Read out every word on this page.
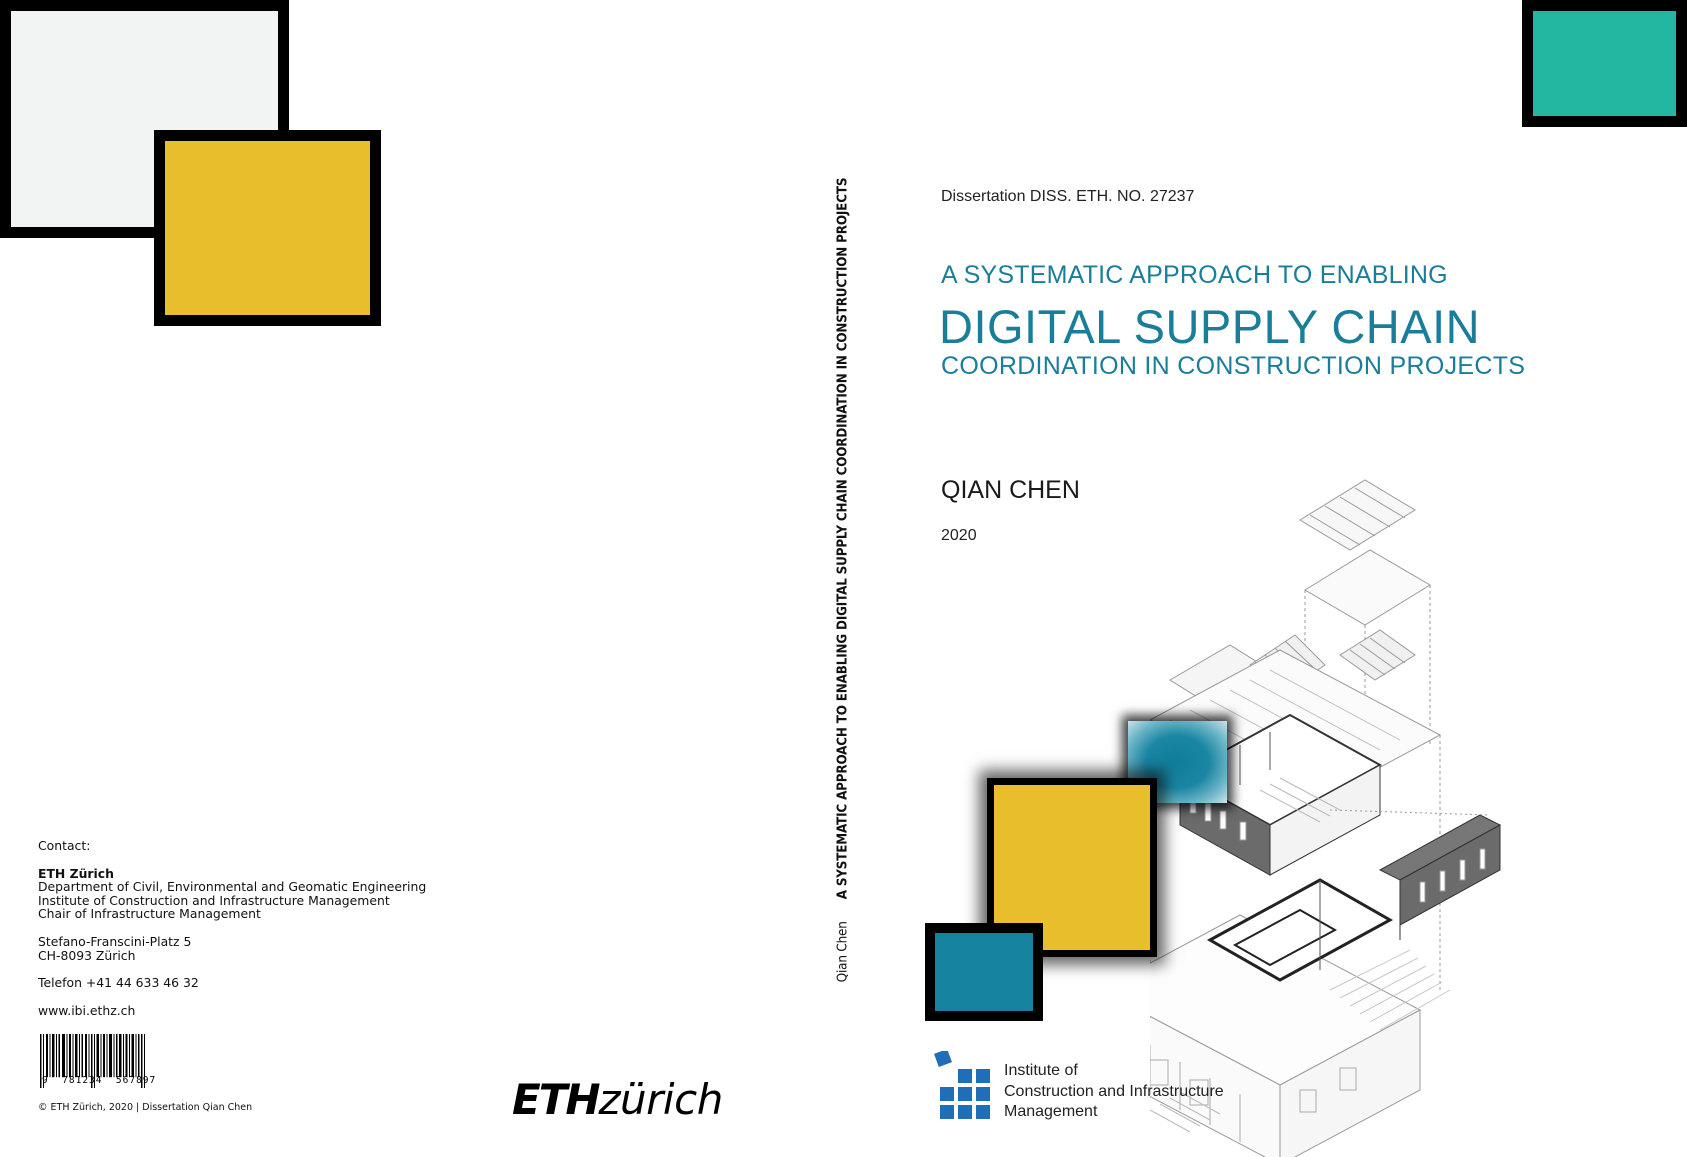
Contact:
ETH Zürich
Department of Civil, Environmental and Geomatic Engineering
Institute of Construction and Infrastructure Management
Chair of Infrastructure Management
Stefano-Franscini-Platz 5
CH-8093 Zürich
Telefon +41 44 633 46 32
www.ibi.ethz.ch
9  781234  567897
© ETH Zürich, 2020 | Dissertation Qian Chen	ETH zürich
Qian Chen
A SYSTEMATIC APPROACH TO ENABLING DIGITAL SUPPLY CHAIN COORDINATION IN CONSTRUCTION PROJECTS	Dissertation DISS. ETH. NO. 27237
A SYSTEMATIC APPROACH TO ENABLING
DIGITAL SUPPLY CHAIN
COORDINATION IN CONSTRUCTION PROJECTS
QIAN CHEN
2020
Institute of
Construction and Infrastructure
Management
